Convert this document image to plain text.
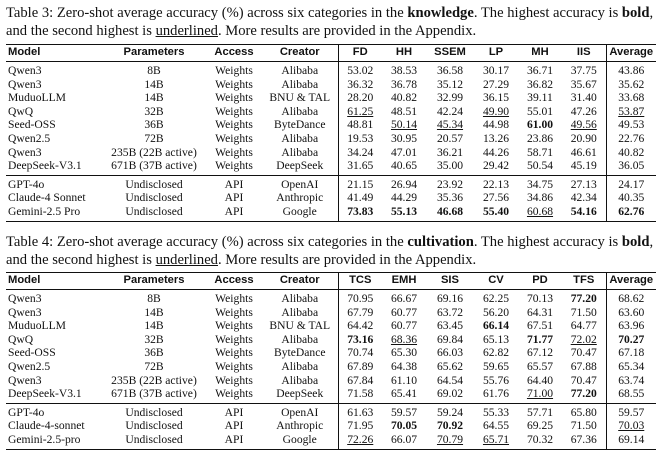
Table 3: Zero-shot average accuracy (%) across six categories in the knowledge. The highest accuracy is bold, and the second highest is underlined. More results are provided in the Appendix.
Model	Parameters	Access	Creator	FD	HH	SSEM	LP	MH	IIS	Average
Qwen3	8B	Weights	Alibaba	53.02	38.53	36.58	30.17	36.71	37.75	43.86
Qwen3	14B	Weights	Alibaba	36.32	36.78	35.12	27.29	36.82	35.67	35.62
MuduoLLM	14B	Weights	BNU & TAL	28.20	40.82	32.99	36.15	39.11	31.40	33.68
QwQ	32B	Weights	Alibaba	61.25	48.51	42.24	49.90	55.01	47.26	53.87
Seed-OSS	36B	Weights	ByteDance	48.81	50.14	45.34	44.98	61.00	49.56	49.53
Qwen2.5	72B	Weights	Alibaba	19.53	30.95	20.57	13.26	23.86	20.90	22.76
Qwen3	235B (22B active)	Weights	Alibaba	34.24	47.01	36.21	44.26	58.71	46.61	40.82
DeepSeek-V3.1	671B (37B active)	Weights	DeepSeek	31.65	40.65	35.00	29.42	50.54	45.19	36.05
GPT-4o	Undisclosed	API	OpenAI	21.15	26.94	23.92	22.13	34.75	27.13	24.17
Claude-4 Sonnet	Undisclosed	API	Anthropic	41.49	44.29	35.36	27.56	34.86	42.34	40.35
Gemini-2.5 Pro	Undisclosed	API	Google	73.83	55.13	46.68	55.40	60.68	54.16	62.76
Table 4: Zero-shot average accuracy (%) across six categories in the cultivation. The highest accuracy is bold, and the second highest is underlined. More results are provided in the Appendix.
Model	Parameters	Access	Creator	TCS	EMH	SIS	CV	PD	TFS	Average
Qwen3	8B	Weights	Alibaba	70.95	66.67	69.16	62.25	70.13	77.20	68.62
Qwen3	14B	Weights	Alibaba	67.79	60.77	63.72	56.20	64.31	71.50	63.60
MuduoLLM	14B	Weights	BNU & TAL	64.42	60.77	63.45	66.14	67.51	64.77	63.96
QwQ	32B	Weights	Alibaba	73.16	68.36	69.84	65.13	71.77	72.02	70.27
Seed-OSS	36B	Weights	ByteDance	70.74	65.30	66.03	62.82	67.12	70.47	67.18
Qwen2.5	72B	Weights	Alibaba	67.89	64.38	65.62	59.65	65.57	67.88	65.34
Qwen3	235B (22B active)	Weights	Alibaba	67.84	61.10	64.54	55.76	64.40	70.47	63.74
DeepSeek-V3.1	671B (37B active)	Weights	DeepSeek	71.58	65.41	69.02	61.76	71.00	77.20	68.55
GPT-4o	Undisclosed	API	OpenAI	61.63	59.57	59.24	55.33	57.71	65.80	59.57
Claude-4-sonnet	Undisclosed	API	Anthropic	71.95	70.05	70.92	64.55	69.25	71.50	70.03
Gemini-2.5-pro	Undisclosed	API	Google	72.26	66.07	70.79	65.71	70.32	67.36	69.14
